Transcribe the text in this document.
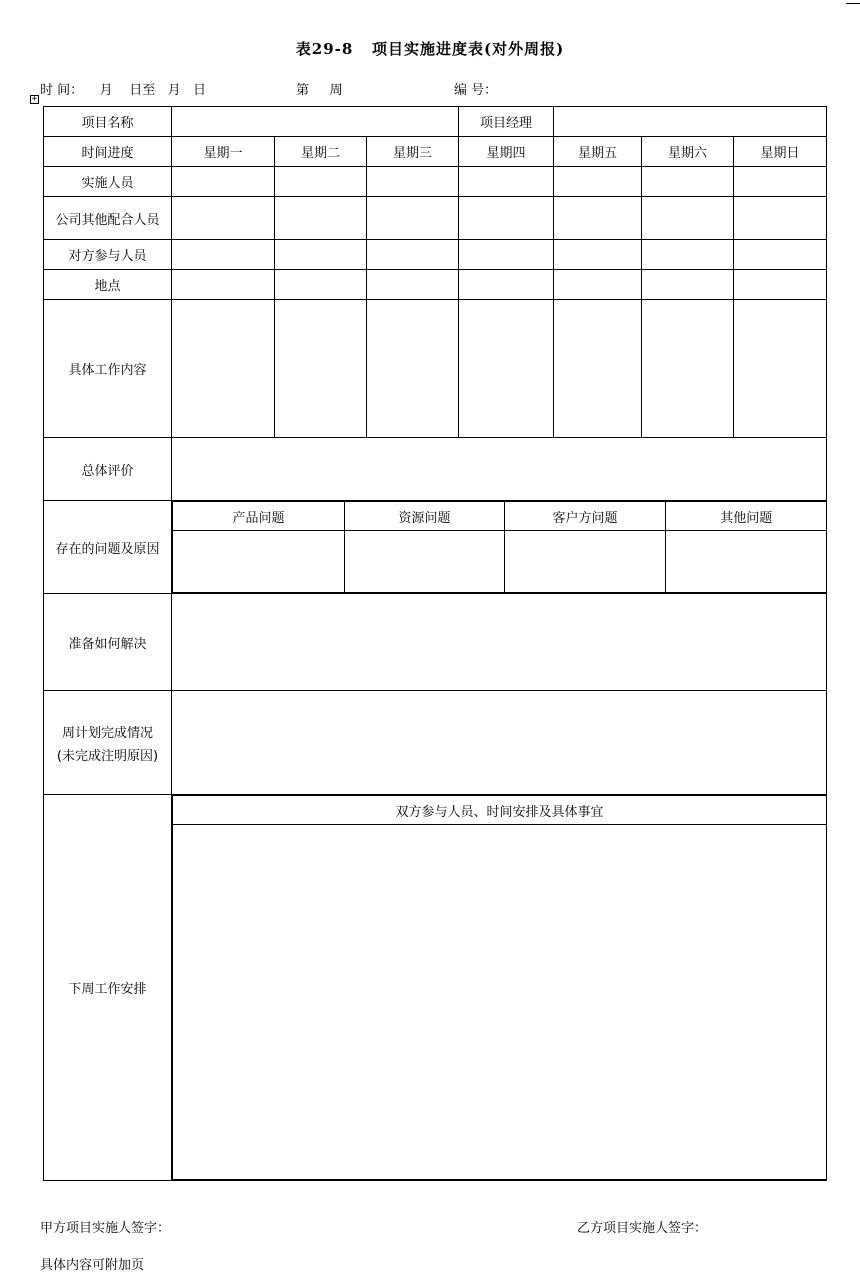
表29-8   项目实施进度表(对外周报)
时 间：    月    日至   月   日	第     周	编 号：
+
项目名称		项目经理	
时间进度	星期一	星期二	星期三	星期四	星期五	星期六	星期日
实施人员							
公司其他配合人员							
对方参与人员							
地点							
具体工作内容							
总体评价	
存在的问题及原因	
产品问题	资源问题	客户方问题	其他问题

准备如何解决	

周计划完成情况
(未完成注明原因)

下周工作安排	
双方参与人员、时间安排及具体事宜

甲方项目实施人签字：	乙方项目实施人签字：
具体内容可附加页
